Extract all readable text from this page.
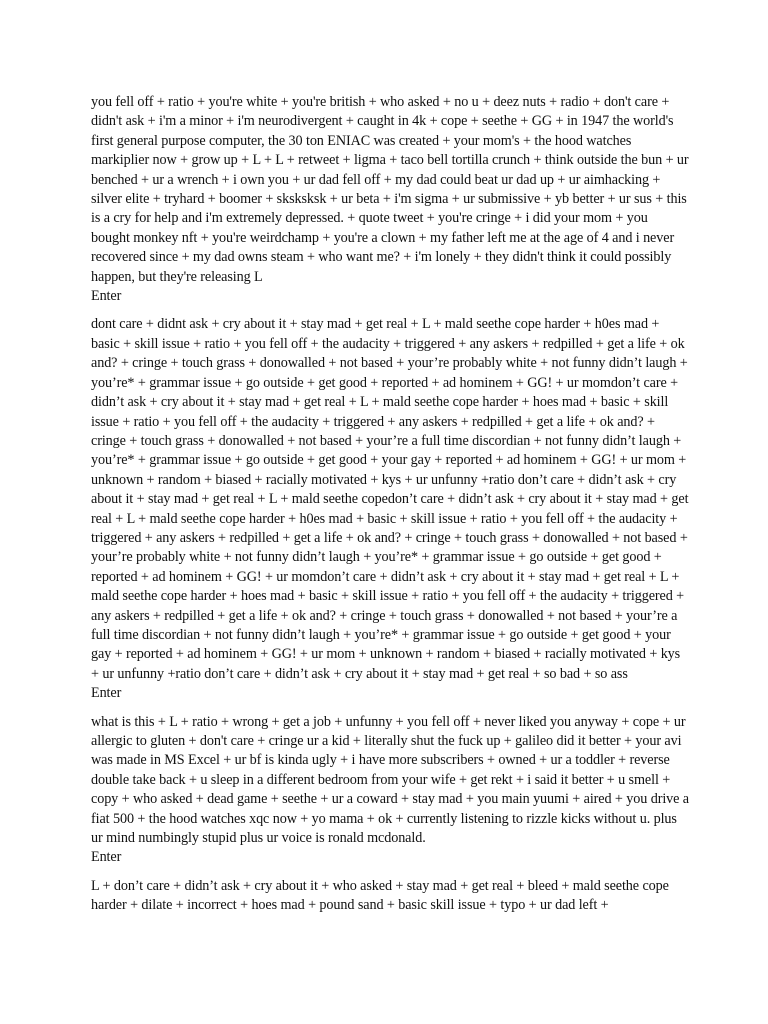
you fell off + ratio + you're white + you're british + who asked + no u + deez nuts + radio + don't care + didn't ask + i'm a minor + i'm neurodivergent + caught in 4k + cope + seethe + GG + in 1947 the world's first general purpose computer, the 30 ton ENIAC was created + your mom's + the hood watches markiplier now + grow up + L + L + retweet + ligma + taco bell tortilla crunch + think outside the bun + ur benched + ur a wrench + i own you + ur dad fell off + my dad could beat ur dad up + ur aimhacking + silver elite + tryhard + boomer + sksksksk + ur beta + i'm sigma + ur submissive + yb better + ur sus + this is a cry for help and i'm extremely depressed. + quote tweet + you're cringe + i did your mom + you bought monkey nft + you're weirdchamp + you're a clown + my father left me at the age of 4 and i never recovered since + my dad owns steam + who want me? + i'm lonely + they didn't think it could possibly happen, but they're releasing L

Enter

dont care + didnt ask + cry about it + stay mad + get real + L + mald seethe cope harder + h0es mad + basic + skill issue + ratio + you fell off + the audacity + triggered + any askers + redpilled + get a life + ok and? + cringe + touch grass + donowalled + not based + your’re probably white + not funny didn’t laugh + you’re* + grammar issue + go outside + get good + reported + ad hominem + GG! + ur momdon’t care + didn’t ask + cry about it + stay mad + get real + L + mald seethe cope harder + hoes mad + basic + skill issue + ratio + you fell off + the audacity + triggered + any askers + redpilled + get a life + ok and? + cringe + touch grass + donowalled + not based + your’re a full time discordian + not funny didn’t laugh + you’re* + grammar issue + go outside + get good + your gay + reported + ad hominem + GG! + ur mom + unknown + random + biased + racially motivated + kys + ur unfunny +ratio don’t care + didn’t ask + cry about it + stay mad + get real + L + mald seethe copedon’t care + didn’t ask + cry about it + stay mad + get real + L + mald seethe cope harder + h0es mad + basic + skill issue + ratio + you fell off + the audacity + triggered + any askers + redpilled + get a life + ok and? + cringe + touch grass + donowalled + not based + your’re probably white + not funny didn’t laugh + you’re* + grammar issue + go outside + get good + reported + ad hominem + GG! + ur momdon’t care + didn’t ask + cry about it + stay mad + get real + L + mald seethe cope harder + hoes mad + basic + skill issue + ratio + you fell off + the audacity + triggered + any askers + redpilled + get a life + ok and? + cringe + touch grass + donowalled + not based + your’re a full time discordian + not funny didn’t laugh + you’re* + grammar issue + go outside + get good + your gay + reported + ad hominem + GG! + ur mom + unknown + random + biased + racially motivated + kys + ur unfunny +ratio don’t care + didn’t ask + cry about it + stay mad + get real + so bad + so ass

Enter

what is this + L + ratio + wrong + get a job + unfunny + you fell off + never liked you anyway + cope + ur allergic to gluten + don't care + cringe ur a kid + literally shut the fuck up + galileo did it better + your avi was made in MS Excel + ur bf is kinda ugly + i have more subscribers + owned + ur a toddler + reverse double take back + u sleep in a different bedroom from your wife + get rekt + i said it better + u smell + copy + who asked + dead game + seethe + ur a coward + stay mad + you main yuumi + aired + you drive a fiat 500 + the hood watches xqc now + yo mama + ok + currently listening to rizzle kicks without u. plus ur mind numbingly stupid plus ur voice is ronald mcdonald.

Enter

L + don’t care + didn’t ask + cry about it + who asked + stay mad + get real + bleed + mald seethe cope harder + dilate + incorrect + hoes mad + pound sand + basic skill issue + typo + ur dad left +
